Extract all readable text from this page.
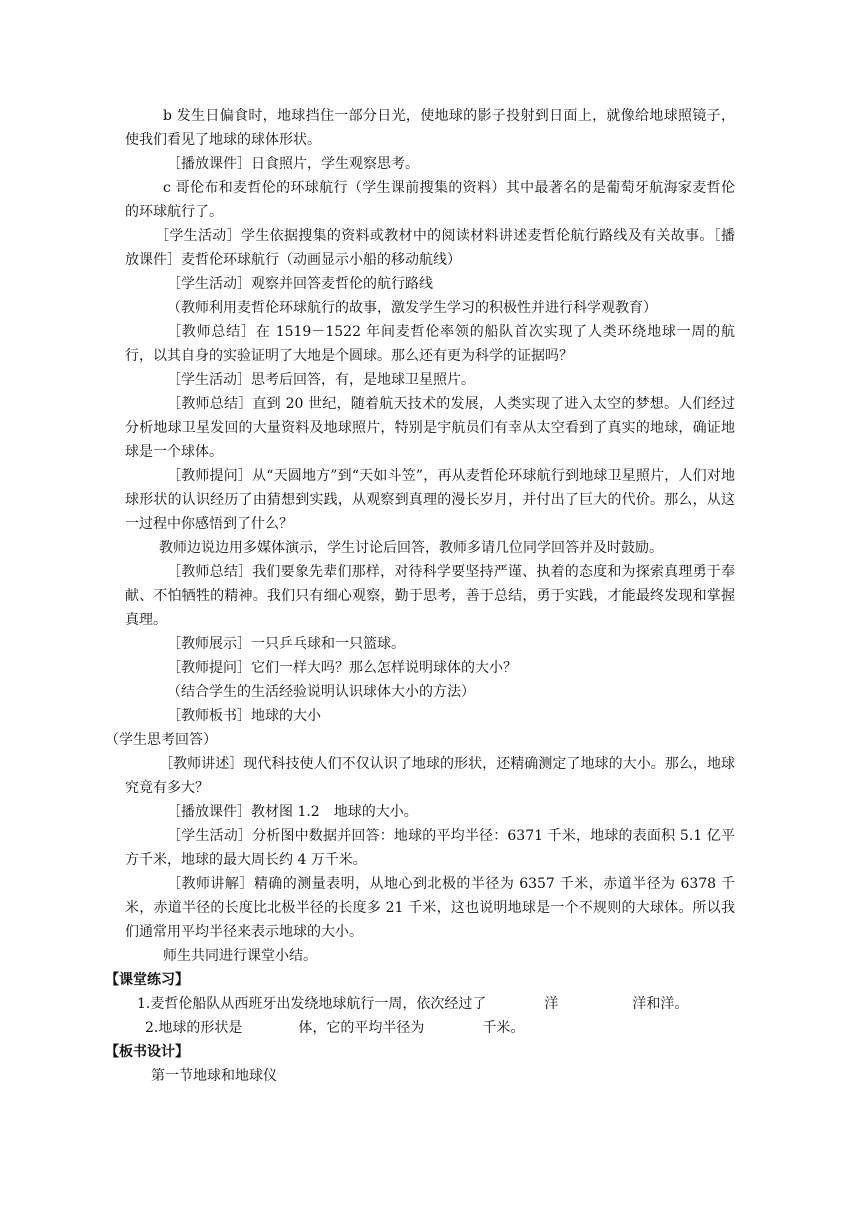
b 发生日偏食时，地球挡住一部分日光，使地球的影子投射到日面上，就像给地球照镜子，使我们看见了地球的球体形状。

［播放课件］日食照片，学生观察思考。

c 哥伦布和麦哲伦的环球航行（学生课前搜集的资料）其中最著名的是葡萄牙航海家麦哲伦的环球航行了。

［学生活动］学生依据搜集的资料或教材中的阅读材料讲述麦哲伦航行路线及有关故事。［播放课件］麦哲伦环球航行（动画显示小船的移动航线）

［学生活动］观察并回答麦哲伦的航行路线

（教师利用麦哲伦环球航行的故事，激发学生学习的积极性并进行科学观教育）

［教师总结］在 1519－1522 年间麦哲伦率领的船队首次实现了人类环绕地球一周的航行，以其自身的实验证明了大地是个圆球。那么还有更为科学的证据吗？

［学生活动］思考后回答，有，是地球卫星照片。

［教师总结］直到 20 世纪，随着航天技术的发展，人类实现了进入太空的梦想。人们经过分析地球卫星发回的大量资料及地球照片，特别是宇航员们有幸从太空看到了真实的地球，确证地球是一个球体。

［教师提问］从“天圆地方”到“天如斗笠”，再从麦哲伦环球航行到地球卫星照片，人们对地球形状的认识经历了由猜想到实践，从观察到真理的漫长岁月，并付出了巨大的代价。那么，从这一过程中你感悟到了什么？

教师边说边用多媒体演示，学生讨论后回答，教师多请几位同学回答并及时鼓励。

［教师总结］我们要象先辈们那样，对待科学要坚持严谨、执着的态度和为探索真理勇于奉献、不怕牺牲的精神。我们只有细心观察，勤于思考，善于总结，勇于实践，才能最终发现和掌握真理。

［教师展示］一只乒乓球和一只篮球。

［教师提问］它们一样大吗？那么怎样说明球体的大小？

（结合学生的生活经验说明认识球体大小的方法）

［教师板书］地球的大小

（学生思考回答）

［教师讲述］现代科技使人们不仅认识了地球的形状，还精确测定了地球的大小。那么，地球究竟有多大？

［播放课件］教材图 1.2　地球的大小。

［学生活动］分析图中数据并回答：地球的平均半径：6371 千米，地球的表面积 5.1 亿平方千米，地球的最大周长约 4 万千米。

［教师讲解］精确的测量表明，从地心到北极的半径为 6357 千米，赤道半径为 6378 千米，赤道半径的长度比北极半径的长度多 21 千米，这也说明地球是一个不规则的大球体。所以我们通常用平均半径来表示地球的大小。

师生共同进行课堂小结。

【课堂练习】

1.麦哲伦船队从西班牙出发绕地球航行一周，依次经过了	洋	洋和洋。

2.地球的形状是	体，它的平均半径为	千米。

【板书设计】

第一节地球和地球仪
